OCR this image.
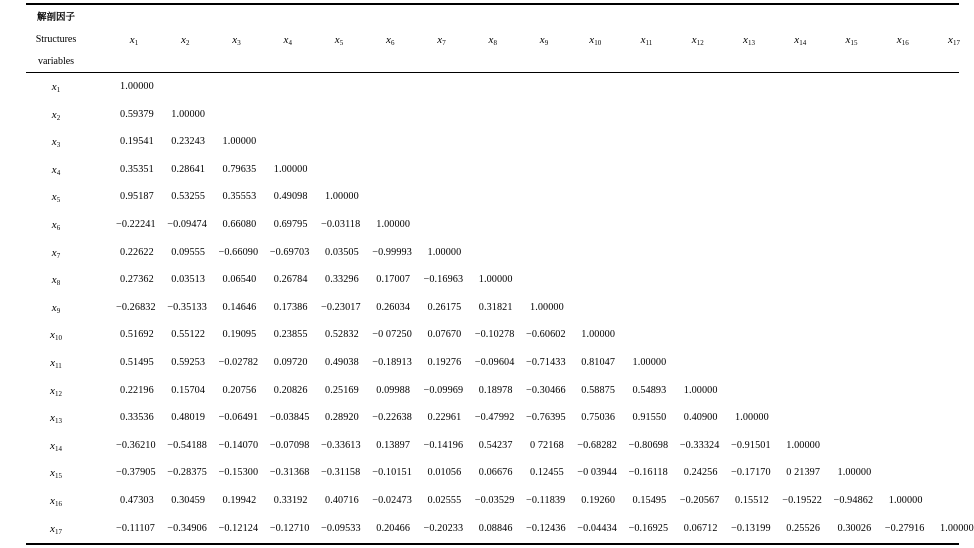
解剖因子
Structures
variables
$x_1$	$x_2$	$x_3$	$x_4$	$x_5$	$x_6$	$x_7$	$x_8$	$x_9$	$x_{10}$	$x_{11}$	$x_{12}$	$x_{13}$	$x_{14}$	$x_{15}$	$x_{16}$	$x_{17}$
$x_1$	1.00000
$x_2$	0.59379 1.00000
$x_3$	0.19541 0.23243 1.00000
$x_4$	0.35351 0.28641 0.79635 1.00000
$x_5$	0.95187 0.53255 0.35553 0.49098 1.00000
$x_6$	−0.22241 −0.09474 0.66080 0.69795 −0.03118 1.00000
$x_7$	0.22622 0.09555 −0.66090 −0.69703 0.03505 −0.99993 1.00000
$x_8$	0.27362 0.03513 0.06540 0.26784 0.33296 0.17007 −0.16963 1.00000
$x_9$	−0.26832 −0.35133 0.14646 0.17386 −0.23017 0.26034 0.26175 0.31821 1.00000
$x_{10}$	0.51692 0.55122 0.19095 0.23855 0.52832 −0 07250 0.07670 −0.10278 −0.60602 1.00000
$x_{11}$	0.51495 0.59253 −0.02782 0.09720 0.49038 −0.18913 0.19276 −0.09604 −0.71433 0.81047 1.00000
$x_{12}$	0.22196 0.15704 0.20756 0.20826 0.25169 0.09988 −0.09969 0.18978 −0.30466 0.58875 0.54893 1.00000
$x_{13}$	0.33536 0.48019 −0.06491 −0.03845 0.28920 −0.22638 0.22961 −0.47992 −0.76395 0.75036 0.91550 0.40900 1.00000
$x_{14}$	−0.36210 −0.54188 −0.14070 −0.07098 −0.33613 0.13897 −0.14196 0.54237 0 72168 −0.68282 −0.80698 −0.33324 −0.91501 1.00000
$x_{15}$	−0.37905 −0.28375 −0.15300 −0.31368 −0.31158 −0.10151 0.01056 0.06676 0.12455 −0 03944 −0.16118 0.24256 −0.17170 0 21397 1.00000
$x_{16}$	0.47303 0.30459 0.19942 0.33192 0.40716 −0.02473 0.02555 −0.03529 −0.11839 0.19260 0.15495 −0.20567 0.15512 −0.19522 −0.94862 1.00000
$x_{17}$	−0.11107 −0.34906 −0.12124 −0.12710 −0.09533 0.20466 −0.20233 0.08846 −0.12436 −0.04434 −0.16925 0.06712 −0.13199 0.25526 0.30026 −0.27916 1.00000
